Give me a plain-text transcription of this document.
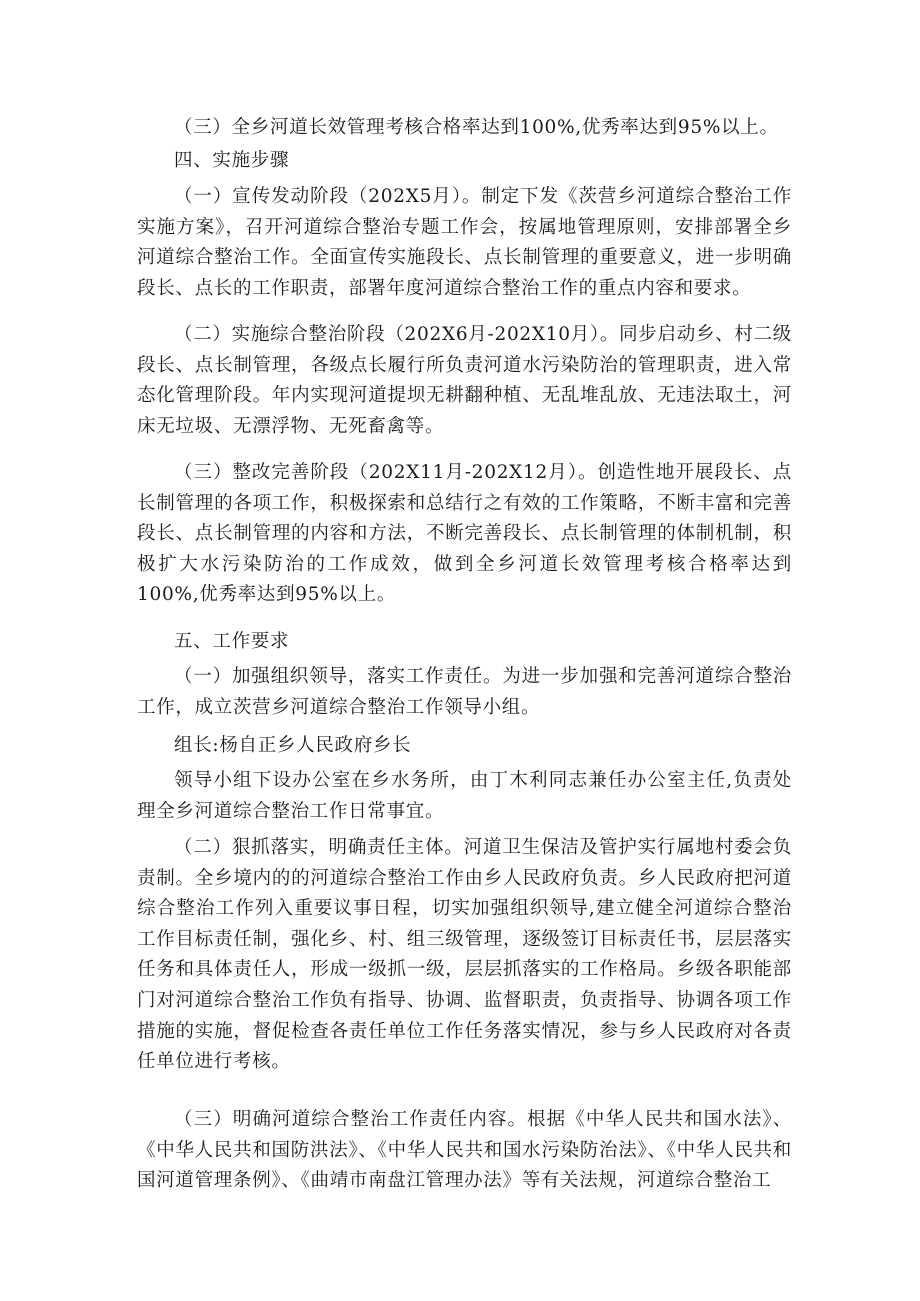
（三）全乡河道长效管理考核合格率达到100%,优秀率达到95%以上。

四、实施步骤

（一）宣传发动阶段（202X5月）。制定下发《茨营乡河道综合整治工作实施方案》，召开河道综合整治专题工作会，按属地管理原则，安排部署全乡河道综合整治工作。全面宣传实施段长、点长制管理的重要意义，进一步明确段长、点长的工作职责，部署年度河道综合整治工作的重点内容和要求。

（二）实施综合整治阶段（202X6月-202X10月）。同步启动乡、村二级段长、点长制管理，各级点长履行所负责河道水污染防治的管理职责，进入常态化管理阶段。年内实现河道提坝无耕翻种植、无乱堆乱放、无违法取土，河床无垃圾、无漂浮物、无死畜禽等。

（三）整改完善阶段（202X11月-202X12月）。创造性地开展段长、点长制管理的各项工作，积极探索和总结行之有效的工作策略，不断丰富和完善段长、点长制管理的内容和方法，不断完善段长、点长制管理的体制机制，积极扩大水污染防治的工作成效，做到全乡河道长效管理考核合格率达到100%,优秀率达到95%以上。

五、工作要求

（一）加强组织领导，落实工作责任。为进一步加强和完善河道综合整治工作，成立茨营乡河道综合整治工作领导小组。

组长:杨自正乡人民政府乡长

领导小组下设办公室在乡水务所，由丁木利同志兼任办公室主任,负责处理全乡河道综合整治工作日常事宜。

（二）狠抓落实，明确责任主体。河道卫生保洁及管护实行属地村委会负责制。全乡境内的的河道综合整治工作由乡人民政府负责。乡人民政府把河道综合整治工作列入重要议事日程，切实加强组织领导,建立健全河道综合整治工作目标责任制，强化乡、村、组三级管理，逐级签订目标责任书，层层落实任务和具体责任人，形成一级抓一级，层层抓落实的工作格局。乡级各职能部门对河道综合整治工作负有指导、协调、监督职责，负责指导、协调各项工作措施的实施，督促检查各责任单位工作任务落实情况，参与乡人民政府对各责任单位进行考核。

（三）明确河道综合整治工作责任内容。根据《中华人民共和国水法》、《中华人民共和国防洪法》、《中华人民共和国水污染防治法》、《中华人民共和国河道管理条例》、《曲靖市南盘江管理办法》等有关法规，河道综合整治工
